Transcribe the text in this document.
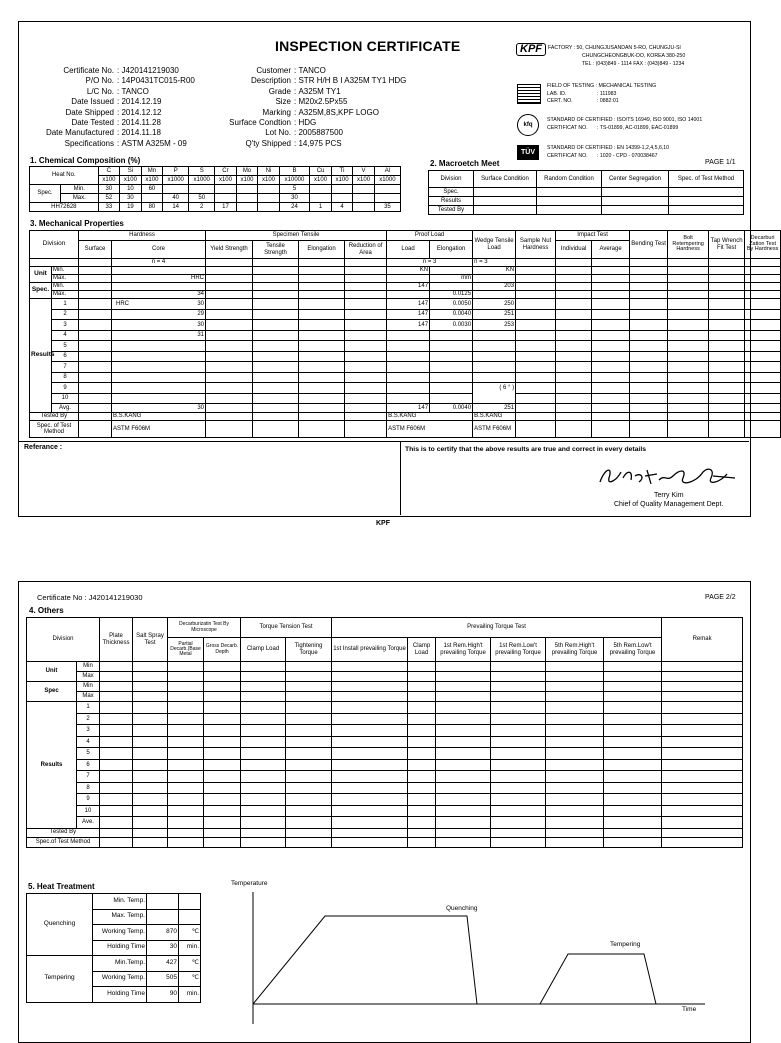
INSPECTION CERTIFICATE	KPF	FACTORY : 50, CHUNGJUSANDAN 5-RO, CHUNGJU-SI
CHUNGCHEONGBUK-DO, KOREA 380-250
TEL : (043)849 - 1114 FAX : (043)849 - 1234
FIELD OF TESTING : MECHANICAL TESTING
LAB. ID.	: 111983
CERT. NO.	: 0882:01
kfq
STANDARD OF CERTIFIED : ISO/TS 16949, ISO 9001, ISO 14001
CERTIFICAT NO.	: TS-01899, AC-01899, EAC-01899
TÜV
STANDARD OF CERTIFIED : EN 14399-1,2,4,5,6,10
CERTIFICAT NO.	: 1020 - CPD - 070038467
Certificate No. :
J420141219030
P/O No. :
14P0431TC015-R00
L/C No. :
TANCO
Date Issued :
2014.12.19
Date Shipped :
2014.12.12
Date Tested :
2014.11.28
Date Manufactured :
2014.11.18
Specifications :
ASTM A325M - 09
Customer :
TANCO
Description :
STR H/H B I A325M TY1 HDG
Grade :
A325M TY1
Size :
M20x2.5Px55
Marking :
A325M,8S,KPF LOGO
Surface Condtion :
HDG
Lot No. :
2005887500
Q'ty Shipped :
14,975 PCS
1. Chemical Composition (%)
Heat No.		C	Si	Mn	P	S	Cr	Mo	Ni	B	Cu	Ti	V	Al
		x100	x100	x100	x1000	x1000	x100	x100	x100	x10000	x100	x100	x100	x1000
Spec.	Min.	30	10	60						5				
	Max.	52	30		40	50				30				
HH72628		33	19	80	14	2	17			24	1	4		35
2. Macroetch Meet	PAGE 1/1
Division	Surface Condition	Random Condition	Center Segregation	Spec. of Test Method
Spec.				
Results				
Tested By				
3. Mechanical Properties
Division		Hardness		Specimen Tensile				Proof Load		Wedge Tensile Load	Sample Nut Hardness	Impact Test		Bending Test	Bolt Retempering Hardness	Tap Wrench Fit Test	Decarburi Zation Test By Hardness
		Surface	Core	Yield Strength	Tensile Strength	Elongation	Reduction of Area	Load	Elongation			Individual	Average				
			n = 4					n = 3		n = 3							
Unit	Min.							KN		KN							
	Max.		HRC						mm								
Spec.	Min.							147		203							
	Max.		34						0.0125								
Results	1		HRC 30					147	0.0050	250							
	2		29					147	0.0040	251							
	3		30					147	0.0030	253							
	4		31														
	5																
	6																
	7																
	8																
	9									( 6 ° )							
	10																
	Avg.		30					147	0.0040	251							
Tested By			B.S.KANG					B.S.KANG		B.S.KANG							
Spec. of Test Method			ASTM F606M					ASTM F606M		ASTM F606M							
Referance :	This is to certify that the above results are true and correct in every details
Terry Kim
Chief of Quality Management Dept.
KPF
Certificate No : J420141219030	PAGE 2/2
4. Others
Division		Plate Thickness	Salt Spray Test	Decarburizatin Test By Microscope		Torque Tension Test		Prevailing Torque Test						Remak
				Partial Decarb.(Base Metal	Gross Decarb. Depth	Clamp Load	Tightening Torque	1st Install prevailing Torque	Clamp Load	1st Rem.High't prevailing Torque	1st Rem.Low't prevailing Torque	5th Rem.High't prevailing Torque	5th Rem.Low't prevailing Torque	
Unit	Min													
	Max													
Spec	Min													
	Max													
Results	1													
	2													
	3													
	4													
	5													
	6													
	7													
	8													
	9													
	10													
	Ave.													
Tested By														
Spec.of Test Method														
5. Heat Treatment
Quenching	Min. Temp.		
	Max. Temp.		
	Working Temp.	870	℃
	Holding Time	30	min.
Tempering	Min.Temp.	427	℃
	Working Temp.	505	℃
	Holding Time	90	min.
Temperature
Time
Quenching
Tempering
